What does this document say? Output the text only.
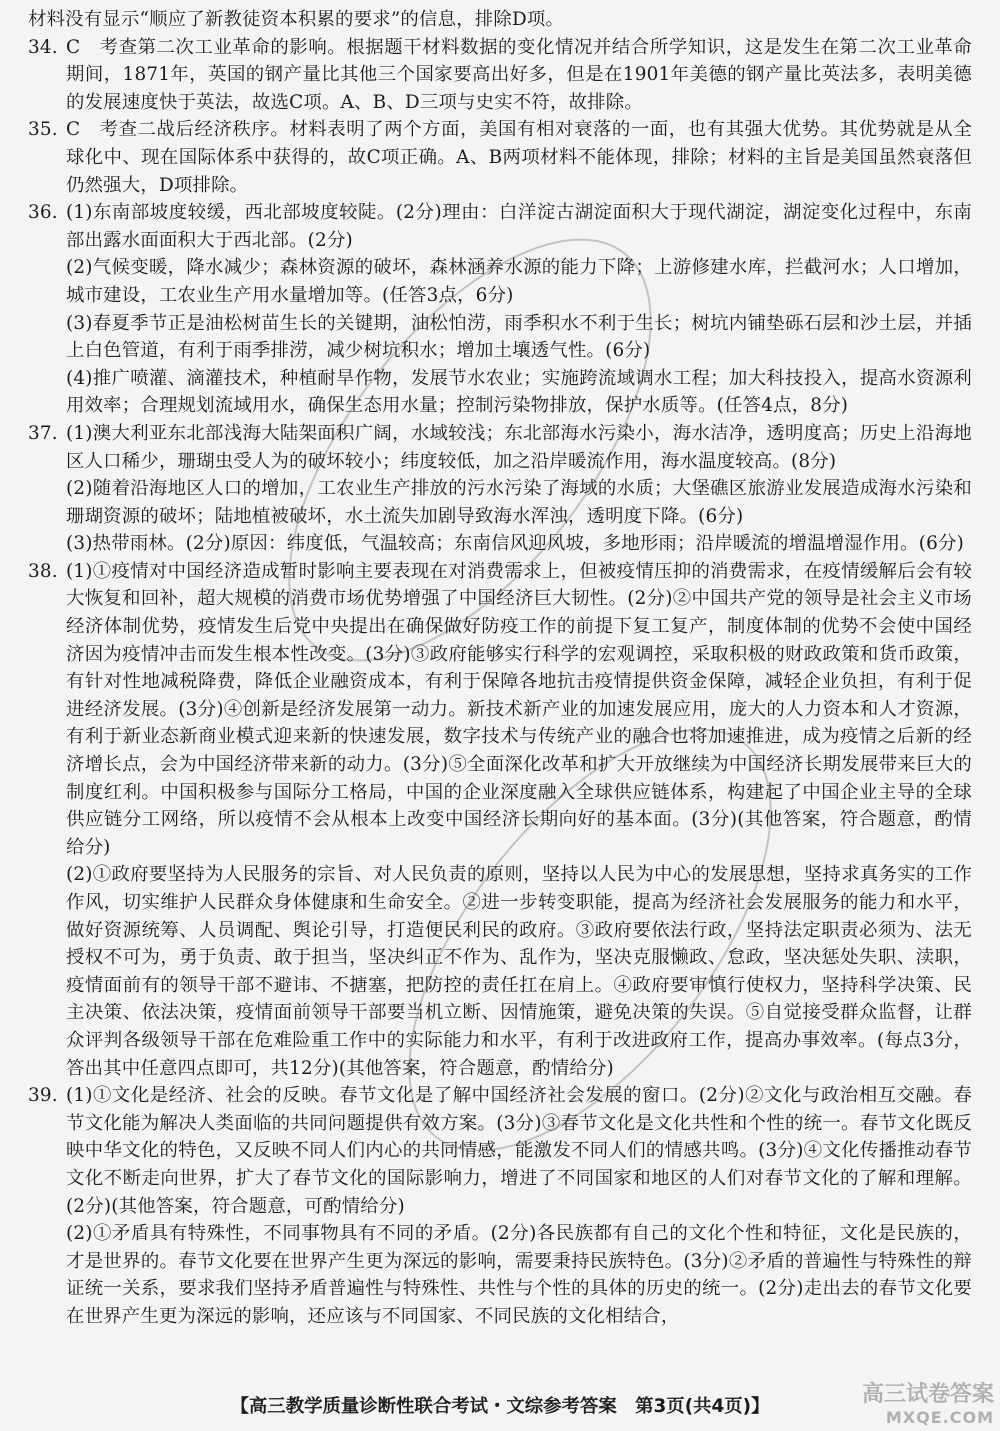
材料没有显示“顺应了新教徒资本积累的要求”的信息，排除D项。

34. C　考查第二次工业革命的影响。根据题干材料数据的变化情况并结合所学知识，这是发生在第二次工业革命期间，1871年，英国的钢产量比其他三个国家要高出好多，但是在1901年美德的钢产量比英法多，表明美德的发展速度快于英法，故选C项。A、B、D三项与史实不符，故排除。

35. C　考查二战后经济秩序。材料表明了两个方面，美国有相对衰落的一面，也有其强大优势。其优势就是从全球化中、现在国际体系中获得的，故C项正确。A、B两项材料不能体现，排除；材料的主旨是美国虽然衰落但仍然强大，D项排除。

36. (1)东南部坡度较缓，西北部坡度较陡。(2分)理由：白洋淀古湖淀面积大于现代湖淀，湖淀变化过程中，东南部出露水面面积大于西北部。(2分)

(2)气候变暖，降水减少；森林资源的破坏，森林涵养水源的能力下降；上游修建水库，拦截河水；人口增加，城市建设，工农业生产用水量增加等。(任答3点，6分)

(3)春夏季节正是油松树苗生长的关键期，油松怕涝，雨季积水不利于生长；树坑内铺垫砾石层和沙土层，并插上白色管道，有利于雨季排涝，减少树坑积水；增加土壤透气性。(6分)

(4)推广喷灌、滴灌技术，种植耐旱作物，发展节水农业；实施跨流域调水工程；加大科技投入，提高水资源利用效率；合理规划流域用水，确保生态用水量；控制污染物排放，保护水质等。(任答4点，8分)

37. (1)澳大利亚东北部浅海大陆架面积广阔，水域较浅；东北部海水污染小，海水洁净，透明度高；历史上沿海地区人口稀少，珊瑚虫受人为的破坏较小；纬度较低，加之沿岸暖流作用，海水温度较高。(8分)

(2)随着沿海地区人口的增加，工农业生产排放的污水污染了海域的水质；大堡礁区旅游业发展造成海水污染和珊瑚资源的破坏；陆地植被破坏，水土流失加剧导致海水浑浊，透明度下降。(6分)

(3)热带雨林。(2分)原因：纬度低，气温较高；东南信风迎风坡，多地形雨；沿岸暖流的增温增湿作用。(6分)

38. (1)①疫情对中国经济造成暂时影响主要表现在对消费需求上，但被疫情压抑的消费需求，在疫情缓解后会有较大恢复和回补，超大规模的消费市场优势增强了中国经济巨大韧性。(2分)②中国共产党的领导是社会主义市场经济体制优势，疫情发生后党中央提出在确保做好防疫工作的前提下复工复产，制度体制的优势不会使中国经济因为疫情冲击而发生根本性改变。(3分)③政府能够实行科学的宏观调控，采取积极的财政政策和货币政策，有针对性地减税降费，降低企业融资成本，有利于保障各地抗击疫情提供资金保障，减轻企业负担，有利于促进经济发展。(3分)④创新是经济发展第一动力。新技术新产业的加速发展应用，庞大的人力资本和人才资源，有利于新业态新商业模式迎来新的快速发展，数字技术与传统产业的融合也将加速推进，成为疫情之后新的经济增长点，会为中国经济带来新的动力。(3分)⑤全面深化改革和扩大开放继续为中国经济长期发展带来巨大的制度红利。中国积极参与国际分工格局，中国的企业深度融入全球供应链体系，构建起了中国企业主导的全球供应链分工网络，所以疫情不会从根本上改变中国经济长期向好的基本面。(3分)(其他答案，符合题意，酌情给分)

(2)①政府要坚持为人民服务的宗旨、对人民负责的原则，坚持以人民为中心的发展思想，坚持求真务实的工作作风，切实维护人民群众身体健康和生命安全。②进一步转变职能，提高为经济社会发展服务的能力和水平，做好资源统筹、人员调配、舆论引导，打造便民利民的政府。③政府要依法行政，坚持法定职责必须为、法无授权不可为，勇于负责、敢于担当，坚决纠正不作为、乱作为，坚决克服懒政、怠政，坚决惩处失职、渎职，疫情面前有的领导干部不避讳、不搪塞，把防控的责任扛在肩上。④政府要审慎行使权力，坚持科学决策、民主决策、依法决策，疫情面前领导干部要当机立断、因情施策，避免决策的失误。⑤自觉接受群众监督，让群众评判各级领导干部在危难险重工作中的实际能力和水平，有利于改进政府工作，提高办事效率。(每点3分，答出其中任意四点即可，共12分)(其他答案，符合题意，酌情给分)

39. (1)①文化是经济、社会的反映。春节文化是了解中国经济社会发展的窗口。(2分)②文化与政治相互交融。春节文化能为解决人类面临的共同问题提供有效方案。(3分)③春节文化是文化共性和个性的统一。春节文化既反映中华文化的特色，又反映不同人们内心的共同情感，能激发不同人们的情感共鸣。(3分)④文化传播推动春节文化不断走向世界，扩大了春节文化的国际影响力，增进了不同国家和地区的人们对春节文化的了解和理解。(2分)(其他答案，符合题意，可酌情给分)

(2)①矛盾具有特殊性，不同事物具有不同的矛盾。(2分)各民族都有自己的文化个性和特征，文化是民族的，才是世界的。春节文化要在世界产生更为深远的影响，需要秉持民族特色。(3分)②矛盾的普遍性与特殊性的辩证统一关系，要求我们坚持矛盾普遍性与特殊性、共性与个性的具体的历史的统一。(2分)走出去的春节文化要在世界产生更为深远的影响，还应该与不同国家、不同民族的文化相结合，

【高三教学质量诊断性联合考试・文综参考答案　第3页(共4页)】	高三试卷答案
MXQE.COM
